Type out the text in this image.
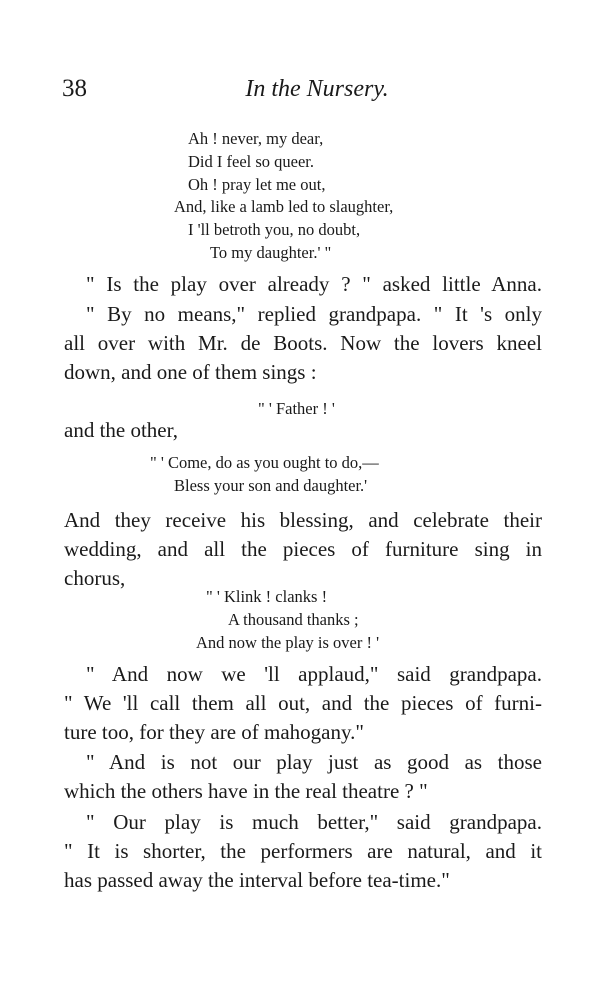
38	In the Nursery.
Ah ! never, my dear,
Did I feel so queer.
Oh ! pray let me out,
And, like a lamb led to slaughter,
I 'll betroth you, no doubt,
To my daughter.' "
" Is the play over already ? " asked little Anna.
" By no means," replied grandpapa. " It 's only
all over with Mr. de Boots. Now the lovers kneel
down, and one of them sings :
" ' Father ! '
and the other,
" ' Come, do as you ought to do,—
Bless your son and daughter.'
And they receive his blessing, and celebrate their
wedding, and all the pieces of furniture sing in
chorus,
" ' Klink ! clanks !
A thousand thanks ;
And now the play is over ! '
" And now we 'll applaud," said grandpapa.
" We 'll call them all out, and the pieces of furni-
ture too, for they are of mahogany."
" And is not our play just as good as those
which the others have in the real theatre ? "
" Our play is much better," said grandpapa.
" It is shorter, the performers are natural, and it
has passed away the interval before tea-time."
